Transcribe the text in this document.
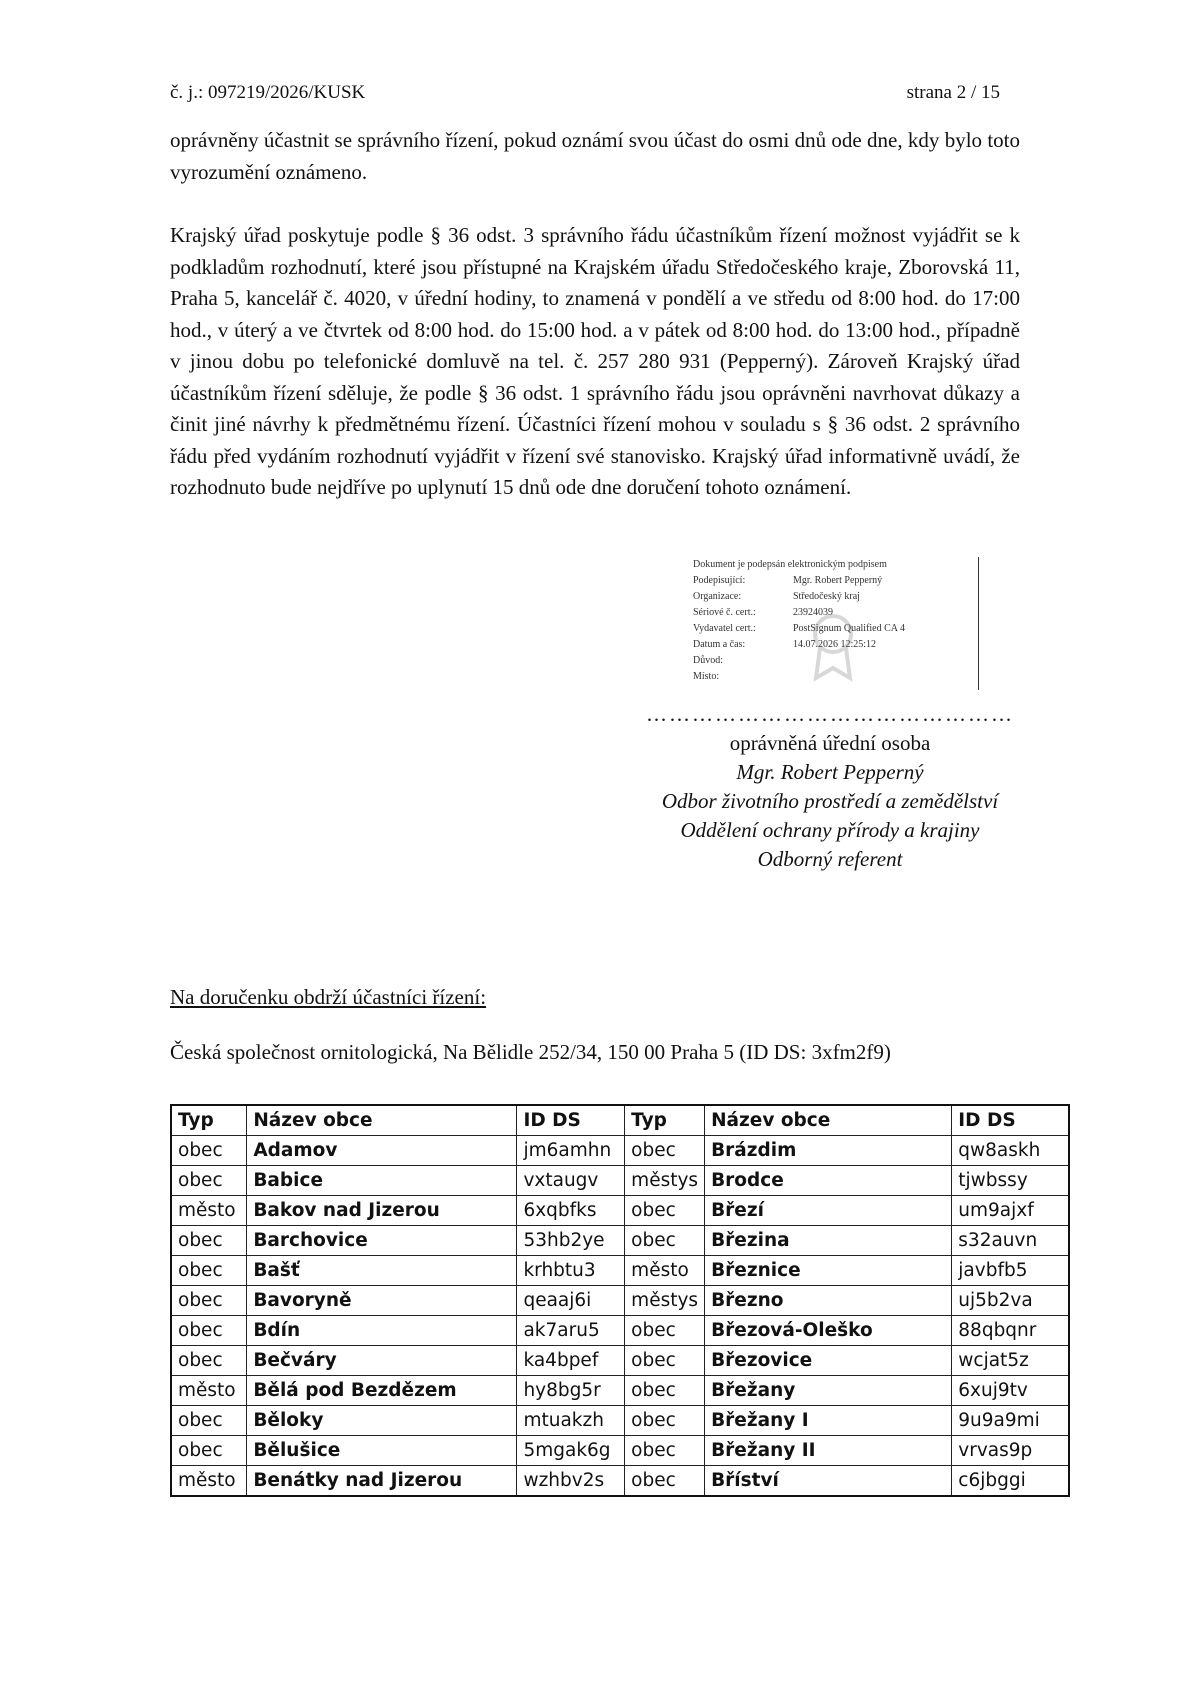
č. j.: 097219/2026/KUSK	strana 2 / 15
oprávněny účastnit se správního řízení, pokud oznámí svou účast do osmi dnů ode dne, kdy bylo toto vyrozumění oznámeno.
Krajský úřad poskytuje podle § 36 odst. 3 správního řádu účastníkům řízení možnost vyjádřit se k podkladům rozhodnutí, které jsou přístupné na Krajském úřadu Středočeského kraje, Zborovská 11, Praha 5, kancelář č. 4020, v úřední hodiny, to znamená v pondělí a ve středu od 8:00 hod. do 17:00 hod., v úterý a ve čtvrtek od 8:00 hod. do 15:00 hod. a v pátek od 8:00 hod. do 13:00 hod., případně v jinou dobu po telefonické domluvě na tel. č. 257 280 931 (Pepperný). Zároveň Krajský úřad účastníkům řízení sděluje, že podle § 36 odst. 1 správního řádu jsou oprávněni navrhovat důkazy a činit jiné návrhy k předmětnému řízení. Účastníci řízení mohou v souladu s § 36 odst. 2 správního řádu před vydáním rozhodnutí vyjádřit v řízení své stanovisko. Krajský úřad informativně uvádí, že rozhodnuto bude nejdříve po uplynutí 15 dnů ode dne doručení tohoto oznámení.
Dokument je podepsán elektronickým podpisem
Podepisující:	Mgr. Robert Pepperný
Organizace:	Středočeský kraj
Sériové č. cert.:	23924039
Vydavatel cert.:	PostSignum Qualified CA 4
Datum a čas:	14.07.2026 12:25:12
Důvod:
Místo:
…………………………………………
oprávněná úřední osoba
Mgr. Robert Pepperný
Odbor životního prostředí a zemědělství
Oddělení ochrany přírody a krajiny
Odborný referent
Na doručenku obdrží účastníci řízení:
Česká společnost ornitologická, Na Bělidle 252/34, 150 00 Praha 5 (ID DS: 3xfm2f9)
Typ	Název obce	ID DS	Typ	Název obce	ID DS
obec	Adamov	jm6amhn	obec	Brázdim	qw8askh
obec	Babice	vxtaugv	městys	Brodce	tjwbssy
město	Bakov nad Jizerou	6xqbfks	obec	Březí	um9ajxf
obec	Barchovice	53hb2ye	obec	Březina	s32auvn
obec	Bašť	krhbtu3	město	Březnice	javbfb5
obec	Bavoryně	qeaaj6i	městys	Březno	uj5b2va
obec	Bdín	ak7aru5	obec	Březová-Oleško	88qbqnr
obec	Bečváry	ka4bpef	obec	Březovice	wcjat5z
město	Bělá pod Bezdězem	hy8bg5r	obec	Břežany	6xuj9tv
obec	Běloky	mtuakzh	obec	Břežany I	9u9a9mi
obec	Bělušice	5mgak6g	obec	Břežany II	vrvas9p
město	Benátky nad Jizerou	wzhbv2s	obec	Bříství	c6jbggi
